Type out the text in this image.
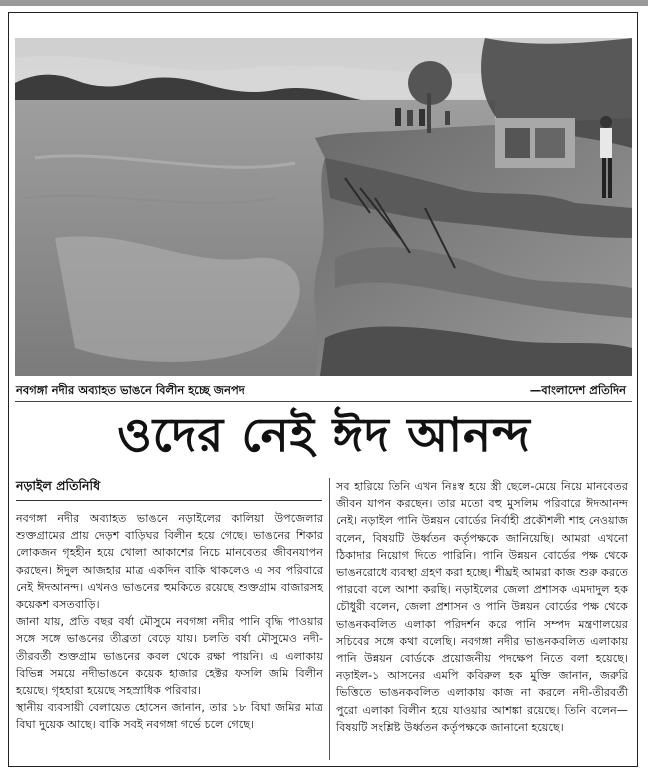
নবগঙ্গা নদীর অব্যাহত ভাঙনে বিলীন হচ্ছে জনপদ	—বাংলাদেশ প্রতিদিন
ওদের নেই ঈদ আনন্দ
নড়াইল প্রতিনিধি

নবগঙ্গা নদীর অব্যাহত ভাঙনে নড়াইলের কালিয়া উপজেলার শুক্তগ্রামের প্রায় দেড়শ বাড়িঘর বিলীন হয়ে গেছে। ভাঙনের শিকার লোকজন গৃহহীন হয়ে খোলা আকাশের নিচে মানবেতর জীবনযাপন করছেন। ঈদুল আজহার মাত্র একদিন বাকি থাকলেও এ সব পরিবারে নেই ঈদআনন্দ। এখনও ভাঙনের হুমকিতে রয়েছে শুক্তগ্রাম বাজারসহ কয়েকশ বসতবাড়ি।

জানা যায়, প্রতি বছর বর্ষা মৌসুমে নবগঙ্গা নদীর পানি বৃদ্ধি পাওয়ার সঙ্গে সঙ্গে ভাঙনের তীব্রতা বেড়ে যায়। চলতি বর্ষা মৌসুমেও নদী-তীরবর্তী শুক্তগ্রাম ভাঙনের কবল থেকে রক্ষা পায়নি। এ এলাকায় বিভিন্ন সময়ে নদীভাঙনে কয়েক হাজার হেক্টর ফসলি জমি বিলীন হয়েছে। গৃহহারা হয়েছে সহস্রাধিক পরিবার।

স্থানীয় ব্যবসায়ী বেলায়েত হোসেন জানান, তার ১৮ বিঘা জমির মাত্র বিঘা দুয়েক আছে। বাকি সবই নবগঙ্গা গর্ভে চলে গেছে।

সব হারিয়ে তিনি এখন নিঃস্ব হয়ে স্ত্রী ছেলে-মেয়ে নিয়ে মানবেতর জীবন যাপন করছেন। তার মতো বহু মুসলিম পরিবারে ঈদআনন্দ নেই। নড়াইল পানি উন্নয়ন বোর্ডের নির্বাহী প্রকৌশলী শাহ নেওয়াজ বলেন, বিষয়টি উর্ধ্বতন কর্তৃপক্ষকে জানিয়েছি। আমরা এখনো ঠিকাদার নিয়োগ দিতে পারিনি। পানি উন্নয়ন বোর্ডের পক্ষ থেকে ভাঙনরোধে ব্যবস্থা গ্রহণ করা হচ্ছে। শীঘ্রই আমরা কাজ শুরু করতে পারবো বলে আশা করছি। নড়াইলের জেলা প্রশাসক এমদাদুল হক চৌধুরী বলেন, জেলা প্রশাসন ও পানি উন্নয়ন বোর্ডের পক্ষ থেকে ভাঙনকবলিত এলাকা পরিদর্শন করে পানি সম্পদ মন্ত্রণালয়ের সচিবের সঙ্গে কথা বলেছি। নবগঙ্গা নদীর ভাঙনকবলিত এলাকায় পানি উন্নয়ন বোর্ডকে প্রয়োজনীয় পদক্ষেপ নিতে বলা হয়েছে। নড়াইল-১ আসনের এমপি কবিরুল হক মুক্তি জানান, জরুরি ভিত্তিতে ভাঙনকবলিত এলাকায় কাজ না করলে নদী-তীরবর্তী পুরো এলাকা বিলীন হয়ে যাওয়ার আশঙ্কা রয়েছে। তিনি বলেন—বিষয়টি সংশ্লিষ্ট উর্ধ্বতন কর্তৃপক্ষকে জানানো হয়েছে।
